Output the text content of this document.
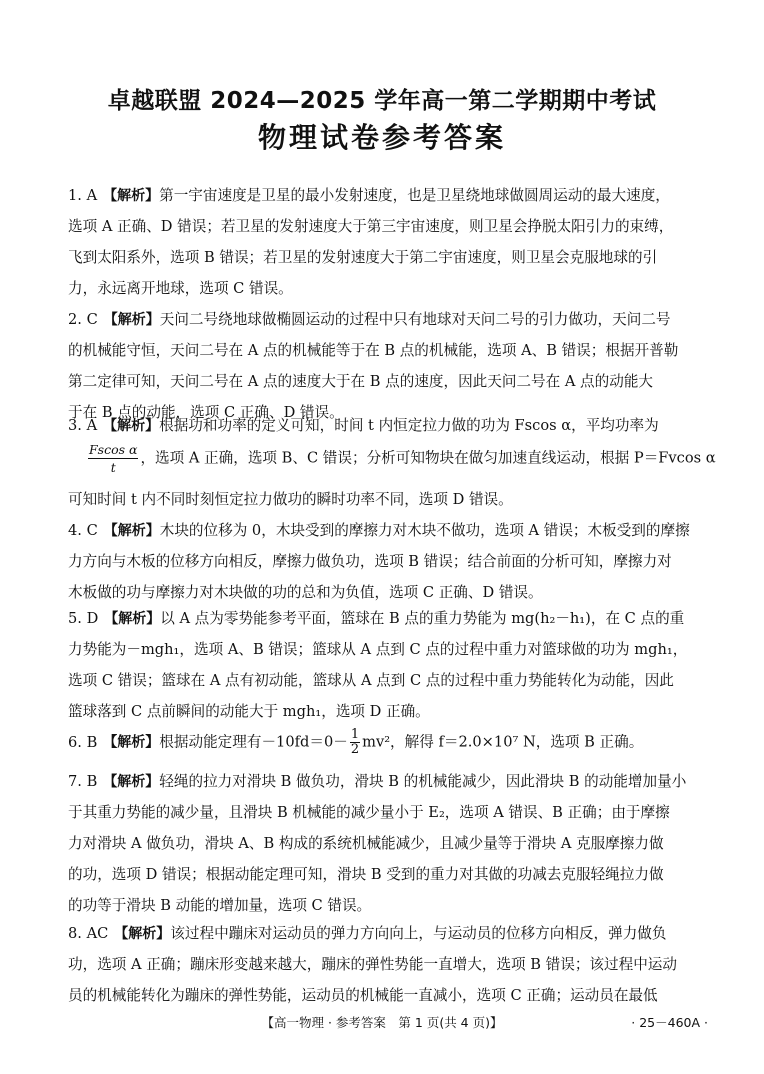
卓越联盟 2024—2025 学年高一第二学期期中考试
物理试卷参考答案
1. A 【解析】第一宇宙速度是卫星的最小发射速度，也是卫星绕地球做圆周运动的最大速度，
选项 A 正确、D 错误；若卫星的发射速度大于第三宇宙速度，则卫星会挣脱太阳引力的束缚，
飞到太阳系外，选项 B 错误；若卫星的发射速度大于第二宇宙速度，则卫星会克服地球的引
力，永远离开地球，选项 C 错误。
2. C 【解析】天问二号绕地球做椭圆运动的过程中只有地球对天问二号的引力做功，天问二号
的机械能守恒，天问二号在 A 点的机械能等于在 B 点的机械能，选项 A、B 错误；根据开普勒
第二定律可知，天问二号在 A 点的速度大于在 B 点的速度，因此天问二号在 A 点的动能大
于在 B 点的动能，选项 C 正确、D 错误。
3. A 【解析】根据功和功率的定义可知，时间 t 内恒定拉力做的功为 Fscos α，平均功率为
$\frac{\text{Fscos α}}{t}$ ，选项 A 正确，选项 B、C 错误；分析可知物块在做匀加速直线运动，根据 P＝Fvcos α
可知时间 t 内不同时刻恒定拉力做功的瞬时功率不同，选项 D 错误。
4. C 【解析】木块的位移为 0，木块受到的摩擦力对木块不做功，选项 A 错误；木板受到的摩擦
力方向与木板的位移方向相反，摩擦力做负功，选项 B 错误；结合前面的分析可知，摩擦力对
木板做的功与摩擦力对木块做的功的总和为负值，选项 C 正确、D 错误。
5. D 【解析】以 A 点为零势能参考平面，篮球在 B 点的重力势能为 mg(h₂－h₁)，在 C 点的重
力势能为－mgh₁，选项 A、B 错误；篮球从 A 点到 C 点的过程中重力对篮球做的功为 mgh₁，
选项 C 错误；篮球在 A 点有初动能，篮球从 A 点到 C 点的过程中重力势能转化为动能，因此
篮球落到 C 点前瞬间的动能大于 mgh₁，选项 D 正确。
6. B 【解析】根据动能定理有$-10fd=0- \frac{1}{2} mv^2$，解得 f＝2.0×10⁷ N，选项 B 正确。
7. B 【解析】轻绳的拉力对滑块 B 做负功，滑块 B 的机械能减少，因此滑块 B 的动能增加量小
于其重力势能的减少量，且滑块 B 机械能的减少量小于 E₂，选项 A 错误、B 正确；由于摩擦
力对滑块 A 做负功，滑块 A、B 构成的系统机械能减少，且减少量等于滑块 A 克服摩擦力做
的功，选项 D 错误；根据动能定理可知，滑块 B 受到的重力对其做的功减去克服轻绳拉力做
的功等于滑块 B 动能的增加量，选项 C 错误。
8. AC 【解析】该过程中蹦床对运动员的弹力方向向上，与运动员的位移方向相反，弹力做负
功，选项 A 正确；蹦床形变越来越大，蹦床的弹性势能一直增大，选项 B 错误；该过程中运动
员的机械能转化为蹦床的弹性势能，运动员的机械能一直减小，选项 C 正确；运动员在最低
【高一物理 · 参考答案　第 1 页(共 4 页)】	· 25－460A ·
